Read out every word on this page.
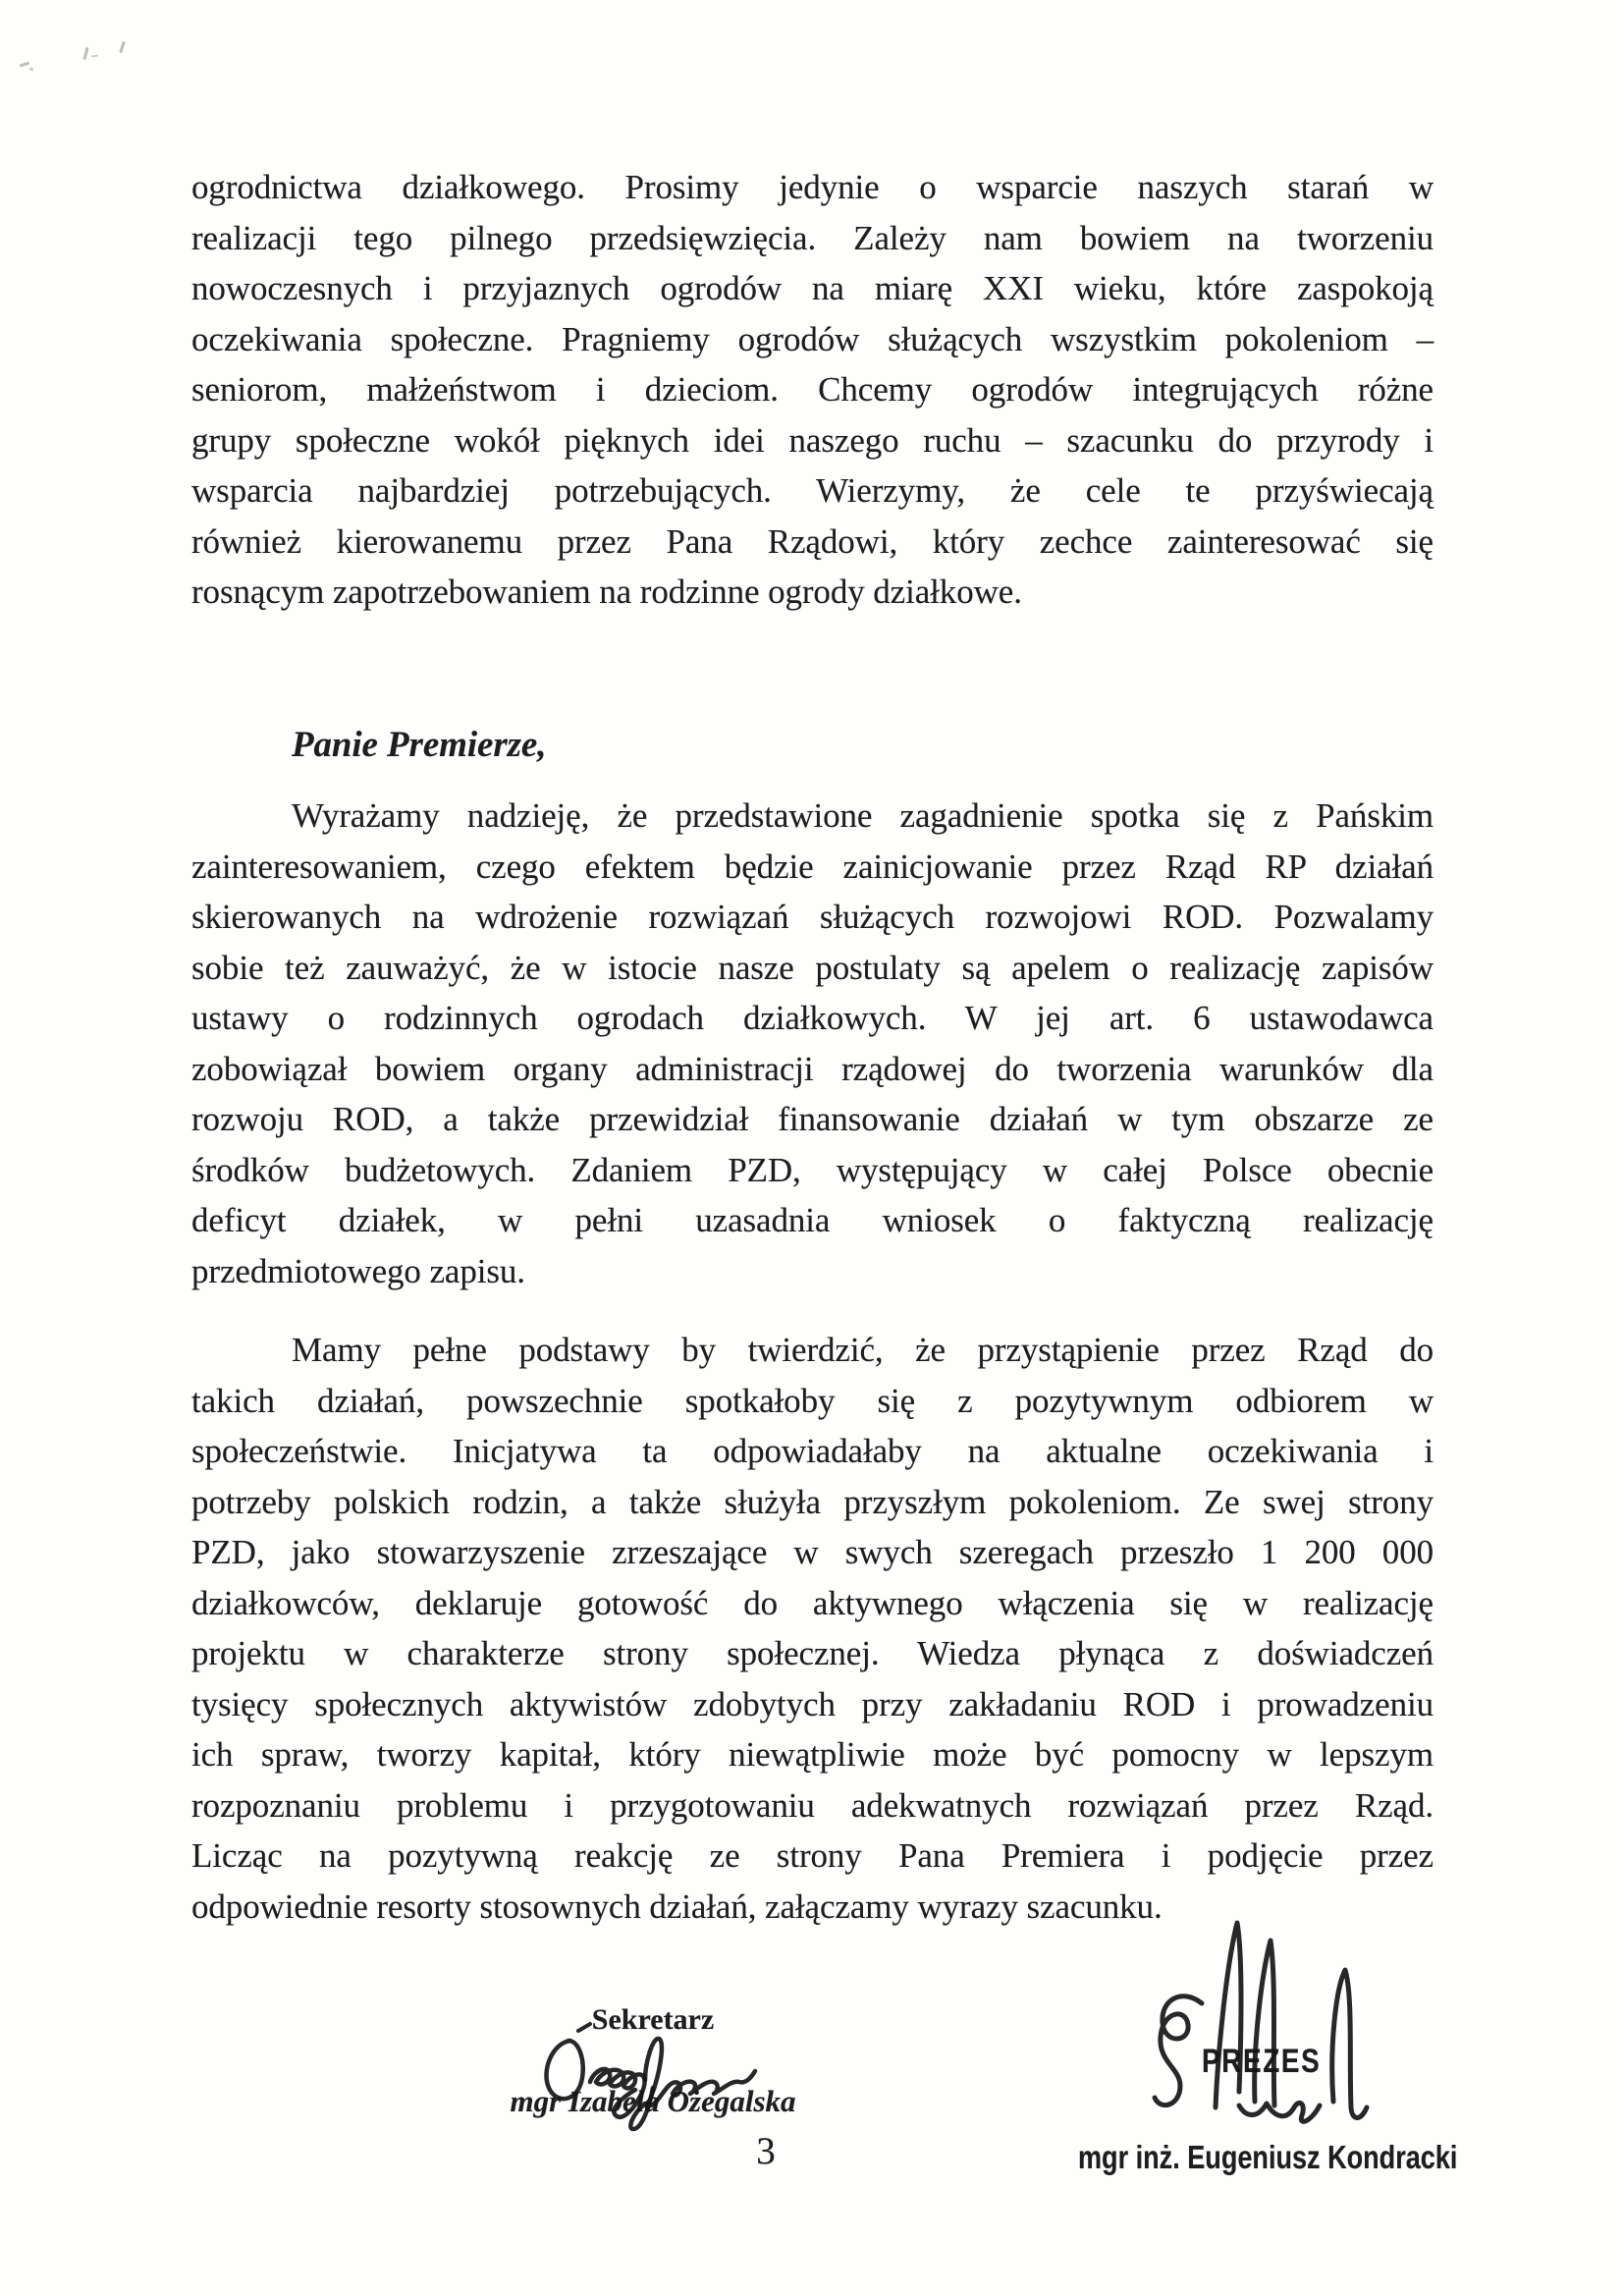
ogrodnictwa działkowego. Prosimy jedynie o wsparcie naszych starań w
realizacji tego pilnego przedsięwzięcia. Zależy nam bowiem na tworzeniu
nowoczesnych i przyjaznych ogrodów na miarę XXI wieku, które zaspokoją
oczekiwania społeczne. Pragniemy ogrodów służących wszystkim pokoleniom –
seniorom, małżeństwom i dzieciom. Chcemy ogrodów integrujących różne
grupy społeczne wokół pięknych idei naszego ruchu – szacunku do przyrody i
wsparcia najbardziej potrzebujących. Wierzymy, że cele te przyświecają
również kierowanemu przez Pana Rządowi, który zechce zainteresować się
rosnącym zapotrzebowaniem na rodzinne ogrody działkowe.
Panie Premierze,
Wyrażamy nadzieję, że przedstawione zagadnienie spotka się z Pańskim
zainteresowaniem, czego efektem będzie zainicjowanie przez Rząd RP działań
skierowanych na wdrożenie rozwiązań służących rozwojowi ROD. Pozwalamy
sobie też zauważyć, że w istocie nasze postulaty są apelem o realizację zapisów
ustawy o rodzinnych ogrodach działkowych. W jej art. 6 ustawodawca
zobowiązał bowiem organy administracji rządowej do tworzenia warunków dla
rozwoju ROD, a także przewidział finansowanie działań w tym obszarze ze
środków budżetowych. Zdaniem PZD, występujący w całej Polsce obecnie
deficyt działek, w pełni uzasadnia wniosek o faktyczną realizację
przedmiotowego zapisu.
Mamy pełne podstawy by twierdzić, że przystąpienie przez Rząd do
takich działań, powszechnie spotkałoby się z pozytywnym odbiorem w
społeczeństwie. Inicjatywa ta odpowiadałaby na aktualne oczekiwania i
potrzeby polskich rodzin, a także służyła przyszłym pokoleniom. Ze swej strony
PZD, jako stowarzyszenie zrzeszające w swych szeregach przeszło 1 200 000
działkowców, deklaruje gotowość do aktywnego włączenia się w realizację
projektu w charakterze strony społecznej. Wiedza płynąca z doświadczeń
tysięcy społecznych aktywistów zdobytych przy zakładaniu ROD i prowadzeniu
ich spraw, tworzy kapitał, który niewątpliwie może być pomocny w lepszym
rozpoznaniu problemu i przygotowaniu adekwatnych rozwiązań przez Rząd.
Licząc na pozytywną reakcję ze strony Pana Premiera i podjęcie przez
odpowiednie resorty stosownych działań, załączamy wyrazy szacunku.
Sekretarz
mgr Izabela Ożegalska
3
PREZES
mgr inż. Eugeniusz Kondracki
